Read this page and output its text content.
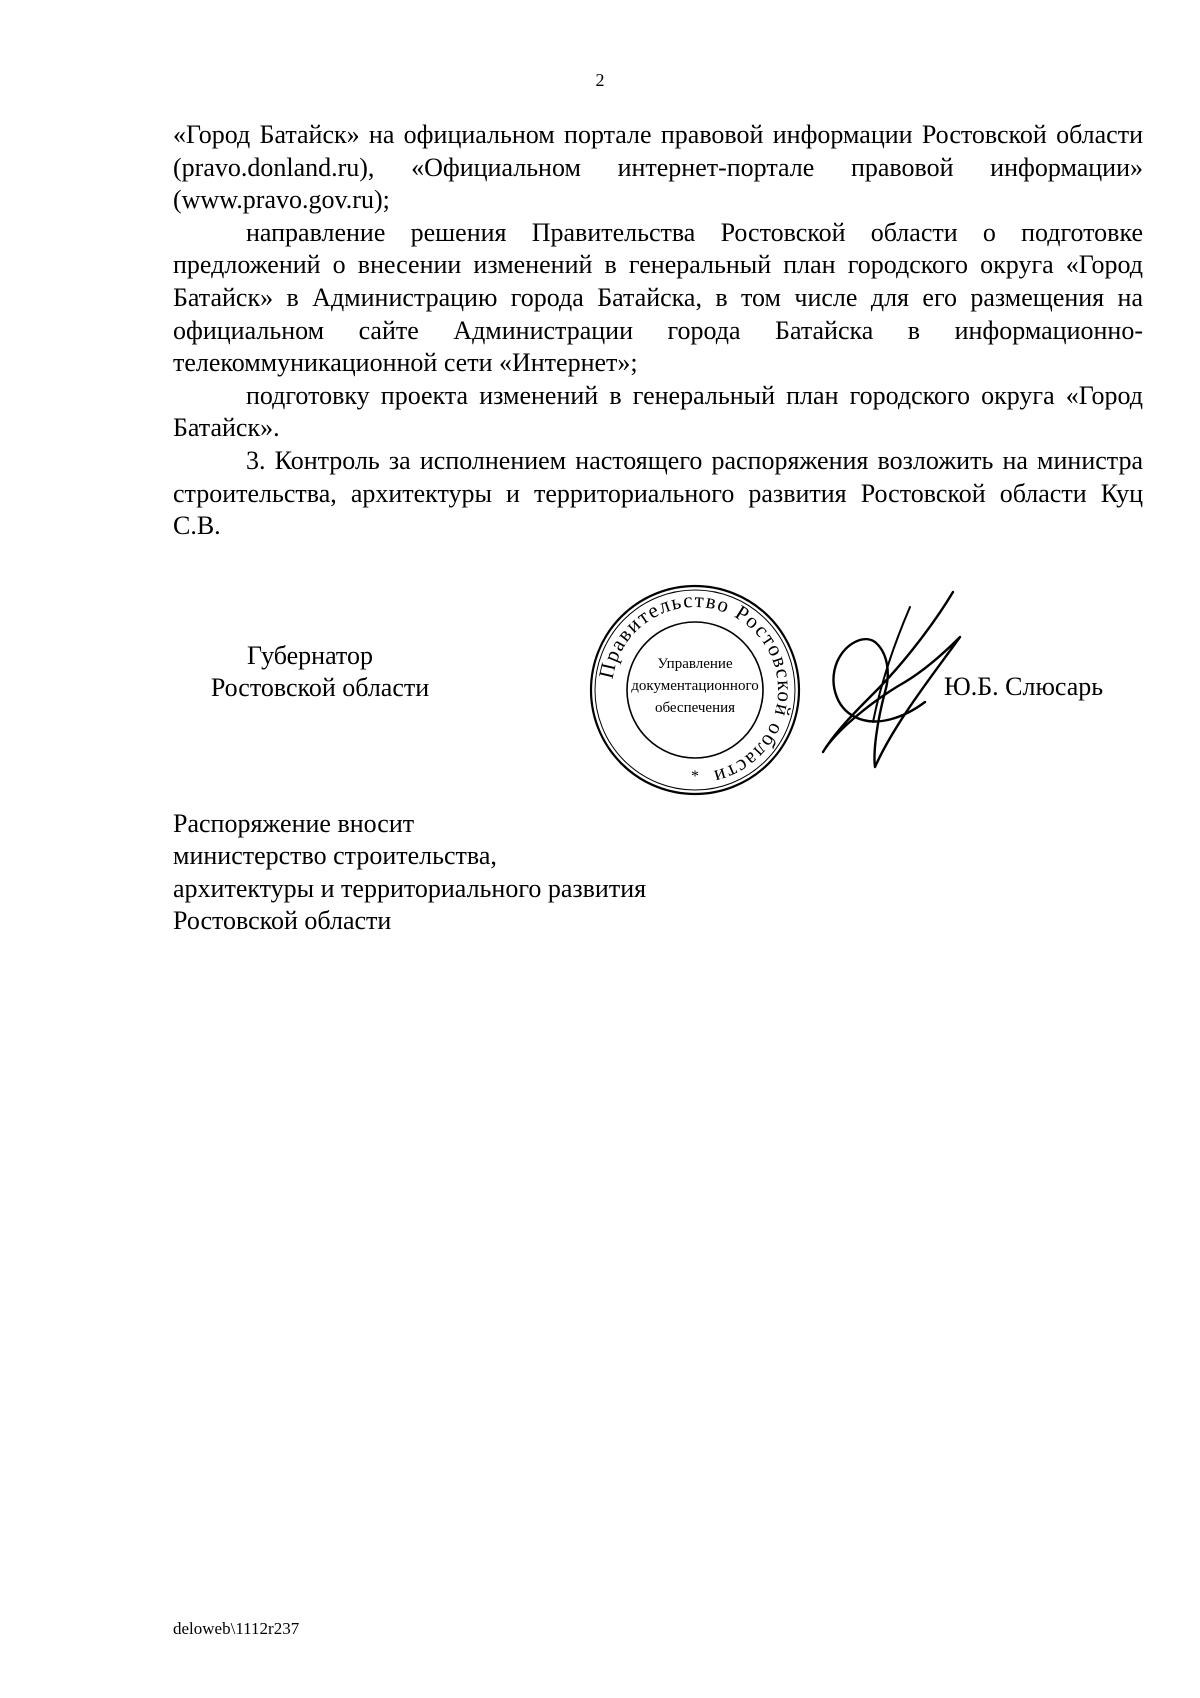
2

«Город Батайск» на официальном портале правовой информации Ростовской области (pravo.donland.ru), «Официальном интернет-портале правовой информации» (www.pravo.gov.ru);

направление решения Правительства Ростовской области о подготовке предложений о внесении изменений в генеральный план городского округа «Город Батайск» в Администрацию города Батайска, в том числе для его размещения на официальном сайте Администрации города Батайска в информационно-телекоммуникационной сети «Интернет»;

подготовку проекта изменений в генеральный план городского округа «Город Батайск».

3. Контроль за исполнением настоящего распоряжения возложить на министра строительства, архитектуры и территориального развития Ростовской области Куц С.В.

Губернатор
Ростовской области
Правительство Ростовской области
Управление
документационного
обеспечения
*
Ю.Б. Слюсарь
Распоряжение вносит
министерство строительства,
архитектуры и территориального развития
Ростовской области
deloweb\1112r237
